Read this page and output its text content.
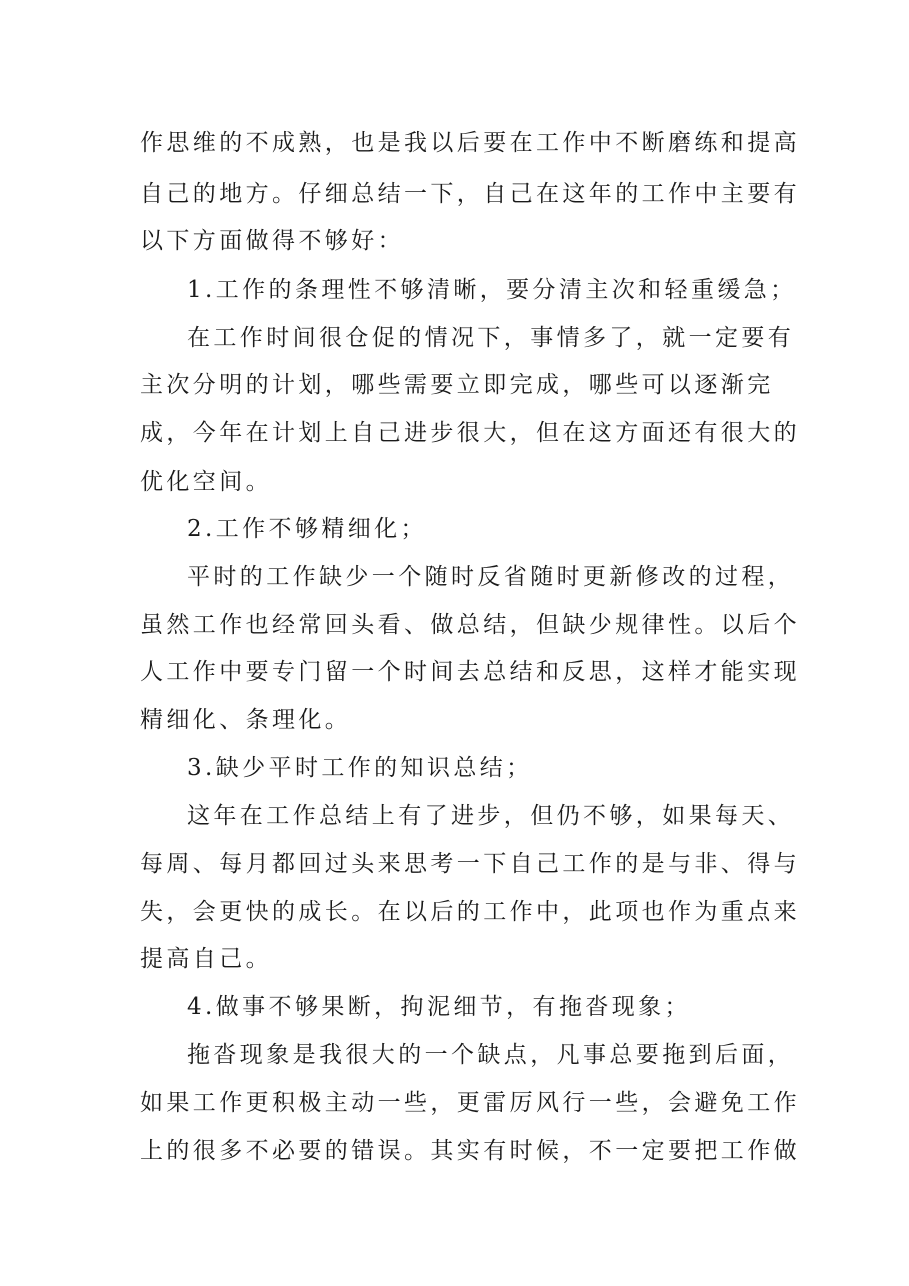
作思维的不成熟，也是我以后要在工作中不断磨练和提高
自己的地方。仔细总结一下，自己在这年的工作中主要有
以下方面做得不够好：
1.工作的条理性不够清晰，要分清主次和轻重缓急；
在工作时间很仓促的情况下，事情多了，就一定要有
主次分明的计划，哪些需要立即完成，哪些可以逐渐完
成，今年在计划上自己进步很大，但在这方面还有很大的
优化空间。
2.工作不够精细化；
平时的工作缺少一个随时反省随时更新修改的过程，
虽然工作也经常回头看、做总结，但缺少规律性。以后个
人工作中要专门留一个时间去总结和反思，这样才能实现
精细化、条理化。
3.缺少平时工作的知识总结；
这年在工作总结上有了进步，但仍不够，如果每天、
每周、每月都回过头来思考一下自己工作的是与非、得与
失，会更快的成长。在以后的工作中，此项也作为重点来
提高自己。
4.做事不够果断，拘泥细节，有拖沓现象；
拖沓现象是我很大的一个缺点，凡事总要拖到后面，
如果工作更积极主动一些，更雷厉风行一些，会避免工作
上的很多不必要的错误。其实有时候，不一定要把工作做
